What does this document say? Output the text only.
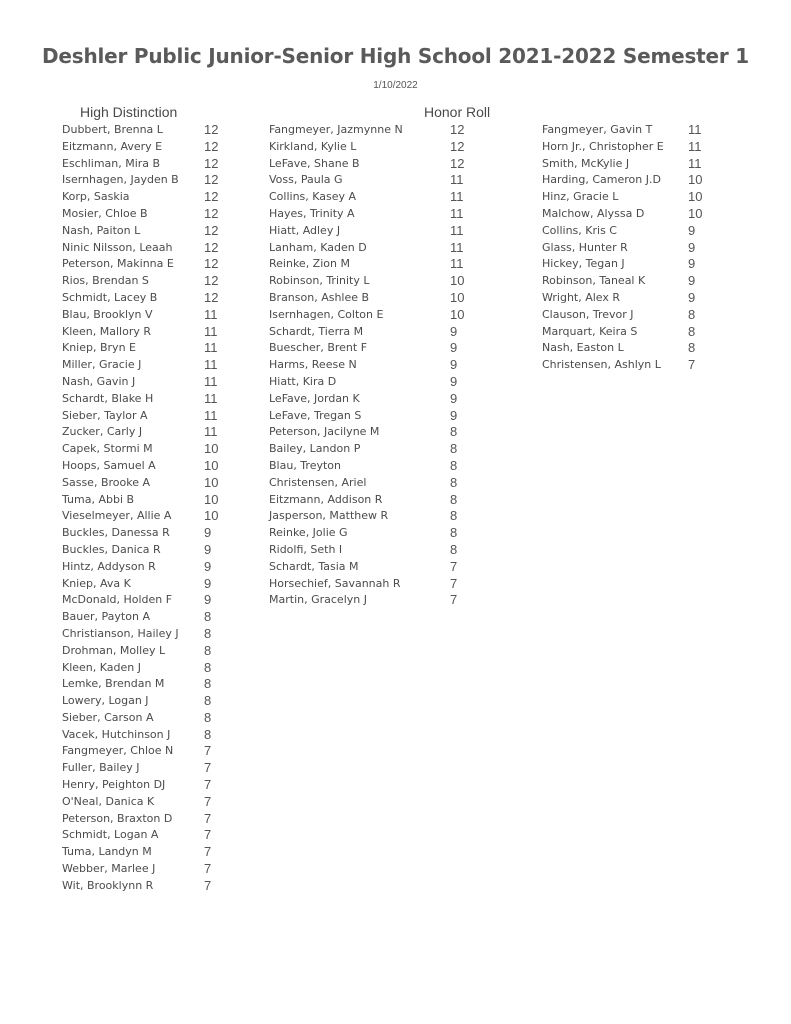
Deshler Public Junior-Senior High School 2021-2022 Semester 1
1/10/2022
High Distinction	Honor Roll
Dubbert, Brenna L	12
Eitzmann, Avery E	12
Eschliman, Mira B	12
Isernhagen, Jayden B 12
Korp, Saskia	12
Mosier, Chloe B	12
Nash, Paiton L	12
Ninic Nilsson, Leaah 12
Peterson, Makinna E 12
Rios, Brendan S	12
Schmidt, Lacey B	12
Blau, Brooklyn V	11
Kleen, Mallory R	11
Kniep, Bryn E	11
Miller, Gracie J	11
Nash, Gavin J	11
Schardt, Blake H	11
Sieber, Taylor A	11
Zucker, Carly J	11
Capek, Stormi M	10
Hoops, Samuel A	10
Sasse, Brooke A	10
Tuma, Abbi B	10
Vieselmeyer, Allie A	10
Buckles, Danessa R	9
Buckles, Danica R	9
Hintz, Addyson R	9
Kniep, Ava K	9
McDonald, Holden F 9
Bauer, Payton A	8
Christianson, Hailey J 8
Drohman, Molley L	8
Kleen, Kaden J	8
Lemke, Brendan M	8
Lowery, Logan J	8
Sieber, Carson A	8
Vacek, Hutchinson J	8
Fangmeyer, Chloe N 7
Fuller, Bailey J	7
Henry, Peighton DJ	7
O'Neal, Danica K	7
Peterson, Braxton D 7
Schmidt, Logan A	7
Tuma, Landyn M	7
Webber, Marlee J	7
Wit, Brooklynn R	7
Fangmeyer, Jazmynne N	12
Kirkland, Kylie L	12
LeFave, Shane B	12
Voss, Paula G	11
Collins, Kasey A	11
Hayes, Trinity A	11
Hiatt, Adley J	11
Lanham, Kaden D	11
Reinke, Zion M	11
Robinson, Trinity L	10
Branson, Ashlee B	10
Isernhagen, Colton E	10
Schardt, Tierra M	9
Buescher, Brent F	9
Harms, Reese N	9
Hiatt, Kira D	9
LeFave, Jordan K	9
LeFave, Tregan S	9
Peterson, Jacilyne M	8
Bailey, Landon P	8
Blau, Treyton	8
Christensen, Ariel	8
Eitzmann, Addison R	8
Jasperson, Matthew R	8
Reinke, Jolie G	8
Ridolfi, Seth I	8
Schardt, Tasia M	7
Horsechief, Savannah R	7
Martin, Gracelyn J	7
Fangmeyer, Gavin T	11
Horn Jr., Christopher E 11
Smith, McKylie J	11
Harding, Cameron J.D 10
Hinz, Gracie L	10
Malchow, Alyssa D	10
Collins, Kris C	9
Glass, Hunter R	9
Hickey, Tegan J	9
Robinson, Taneal K	9
Wright, Alex R	9
Clauson, Trevor J	8
Marquart, Keira S	8
Nash, Easton L	8
Christensen, Ashlyn L 7
